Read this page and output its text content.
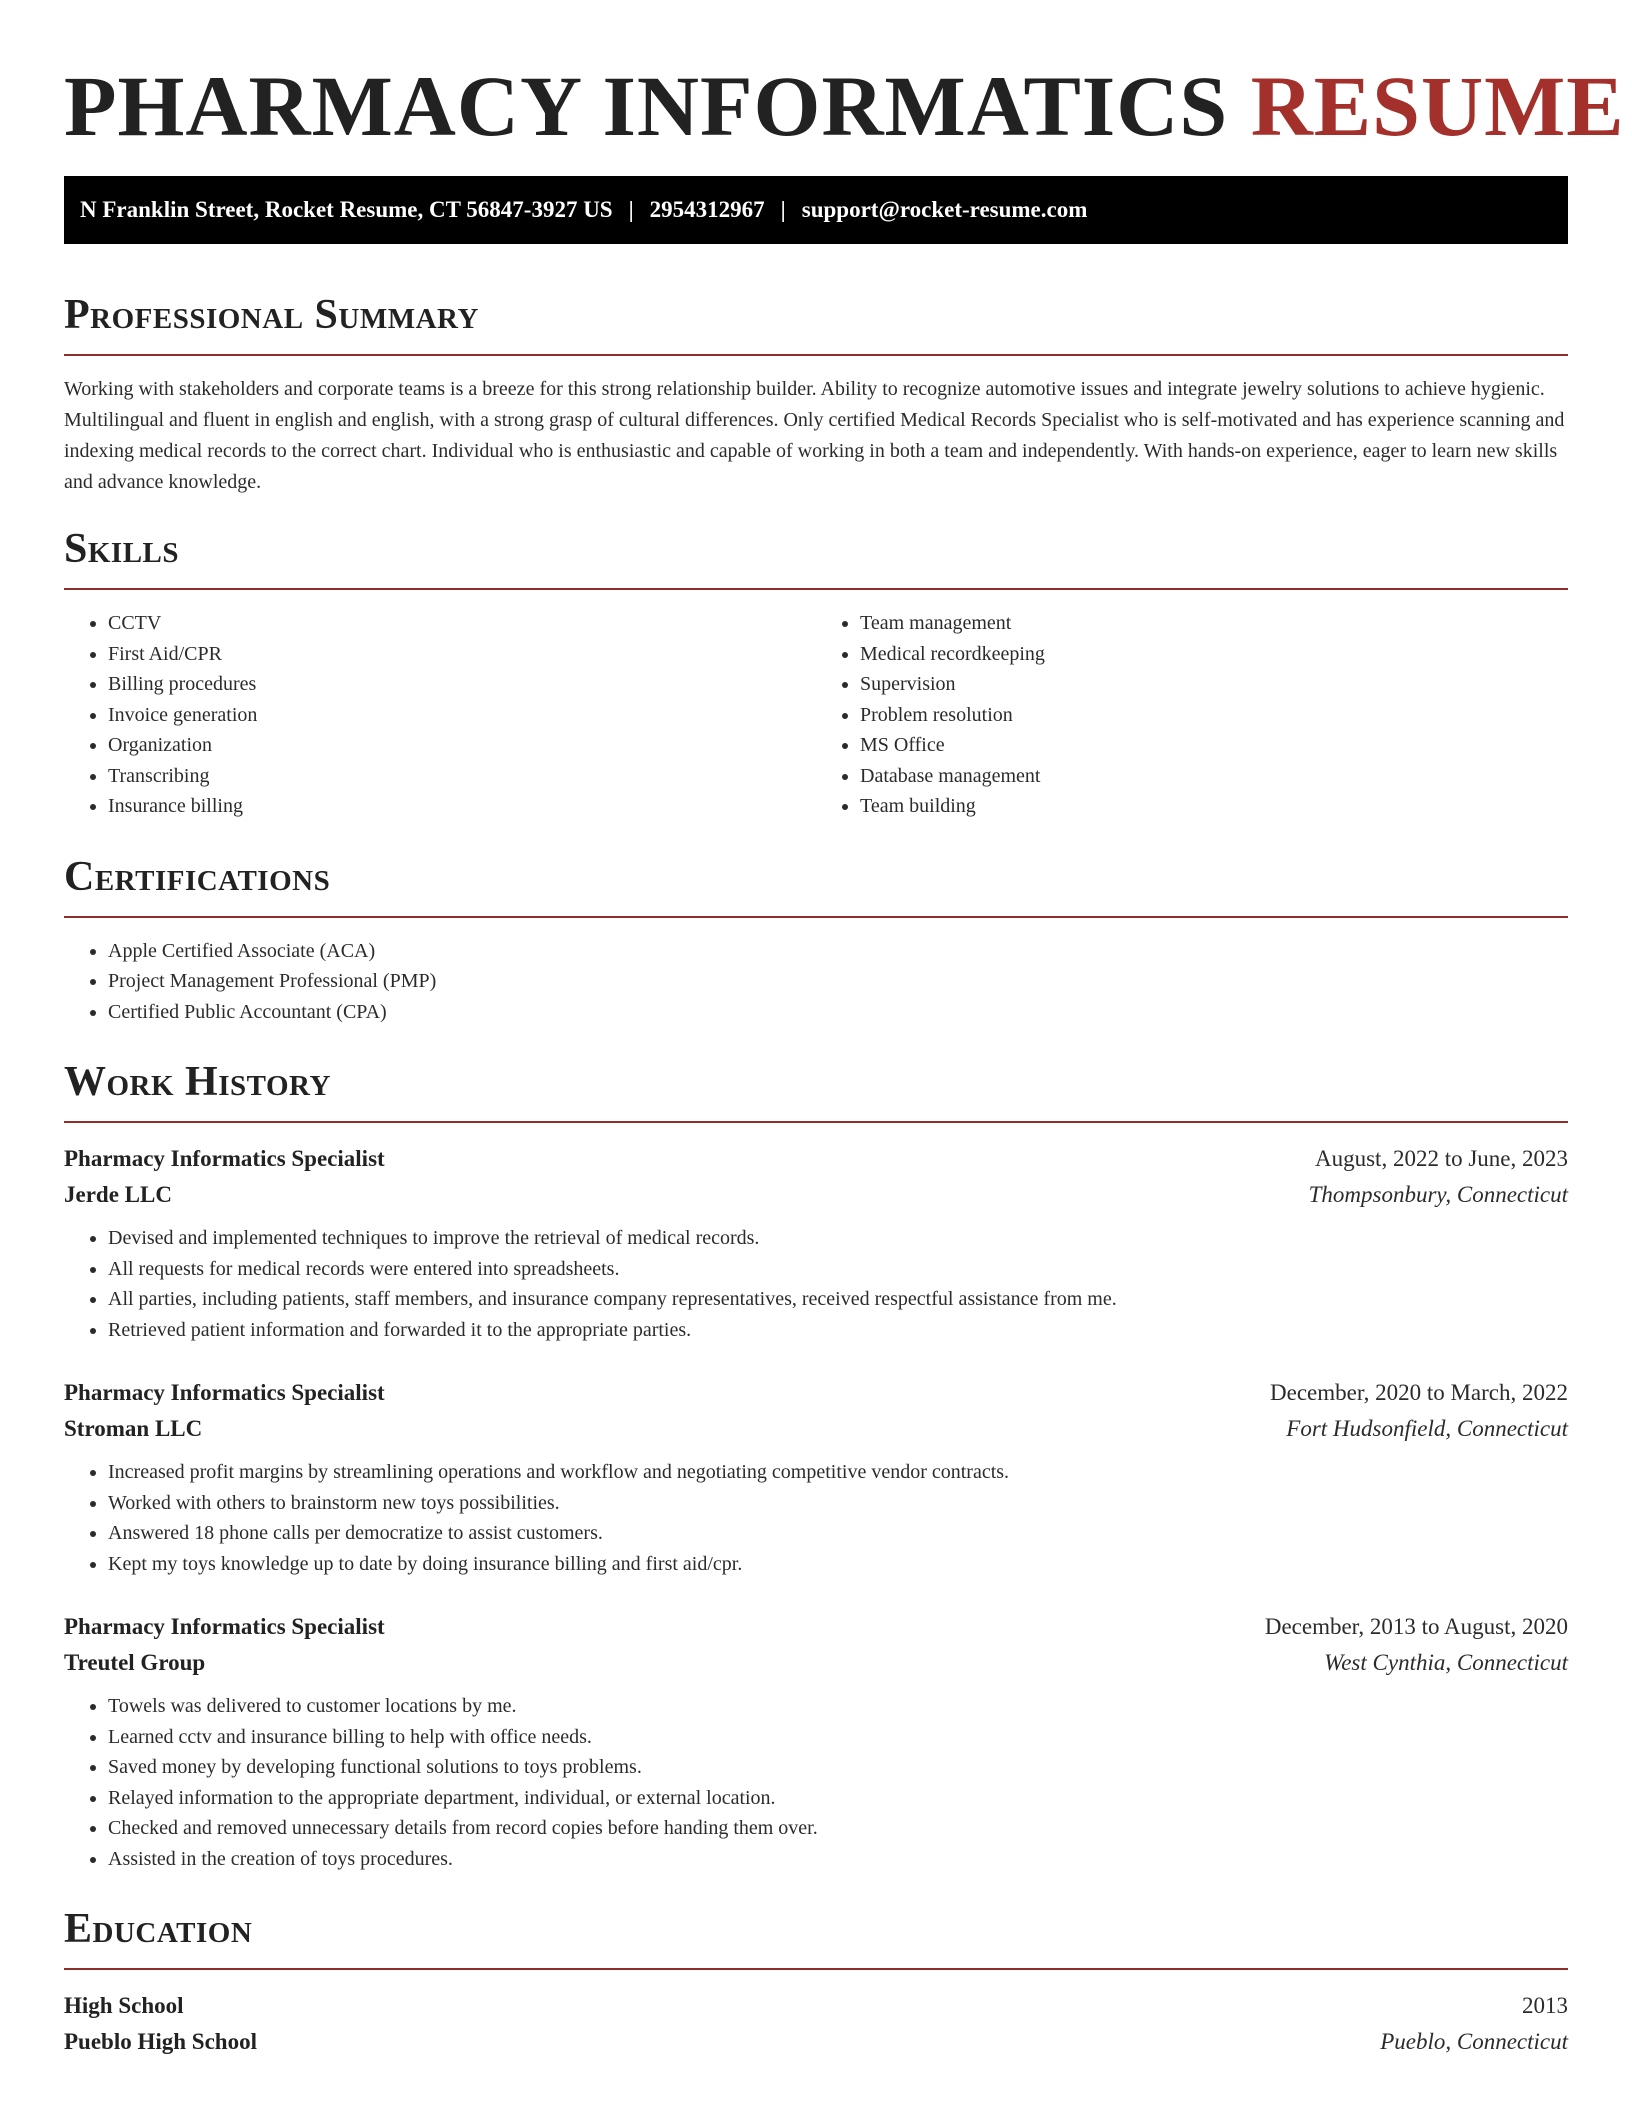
PHARMACY INFORMATICS RESUME
N Franklin Street, Rocket Resume, CT 56847-3927 US | 2954312967 | support@rocket-resume.com
Professional Summary

Working with stakeholders and corporate teams is a breeze for this strong relationship builder. Ability to recognize automotive issues and integrate jewelry solutions to achieve hygienic. Multilingual and fluent in english and english, with a strong grasp of cultural differences. Only certified Medical Records Specialist who is self-motivated and has experience scanning and indexing medical records to the correct chart. Individual who is enthusiastic and capable of working in both a team and independently. With hands-on experience, eager to learn new skills and advance knowledge.

Skills
• CCTV
• First Aid/CPR
• Billing procedures
• Invoice generation
• Organization
• Transcribing
• Insurance billing
• Team management
• Medical recordkeeping
• Supervision
• Problem resolution
• MS Office
• Database management
• Team building
Certifications
• Apple Certified Associate (ACA)
• Project Management Professional (PMP)
• Certified Public Accountant (CPA)
Work History
Pharmacy Informatics Specialist	August, 2022 to June, 2023
Jerde LLC	Thompsonbury, Connecticut
• Devised and implemented techniques to improve the retrieval of medical records.
• All requests for medical records were entered into spreadsheets.
• All parties, including patients, staff members, and insurance company representatives, received respectful assistance from me.
• Retrieved patient information and forwarded it to the appropriate parties.
Pharmacy Informatics Specialist	December, 2020 to March, 2022
Stroman LLC	Fort Hudsonfield, Connecticut
• Increased profit margins by streamlining operations and workflow and negotiating competitive vendor contracts.
• Worked with others to brainstorm new toys possibilities.
• Answered 18 phone calls per democratize to assist customers.
• Kept my toys knowledge up to date by doing insurance billing and first aid/cpr.
Pharmacy Informatics Specialist	December, 2013 to August, 2020
Treutel Group	West Cynthia, Connecticut
• Towels was delivered to customer locations by me.
• Learned cctv and insurance billing to help with office needs.
• Saved money by developing functional solutions to toys problems.
• Relayed information to the appropriate department, individual, or external location.
• Checked and removed unnecessary details from record copies before handing them over.
• Assisted in the creation of toys procedures.
Education
High School	2013
Pueblo High School	Pueblo, Connecticut
